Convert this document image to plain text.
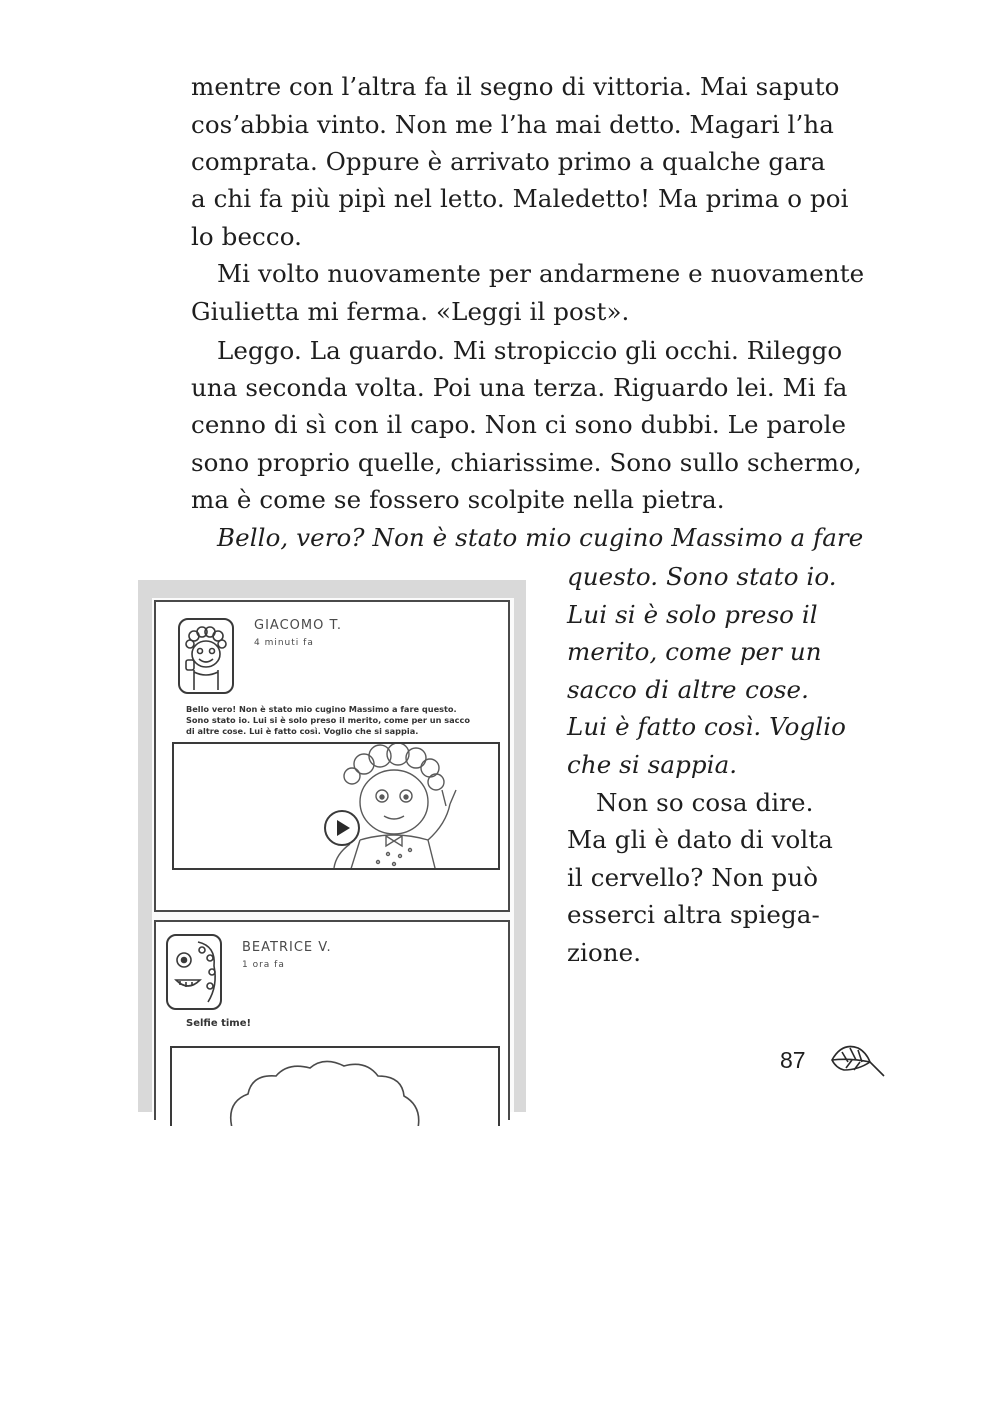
mentre con l’altra fa il segno di vittoria. Mai saputo
cos’abbia vinto. Non me l’ha mai detto. Magari l’ha
comprata. Oppure è arrivato primo a qualche gara
a chi fa più pipì nel letto. Maledetto! Ma prima o poi
lo becco.
Mi volto nuovamente per andarmene e nuovamente
Giulietta mi ferma. «Leggi il post».
Leggo. La guardo. Mi stropiccio gli occhi. Rileggo
una seconda volta. Poi una terza. Riguardo lei. Mi fa
cenno di sì con il capo. Non ci sono dubbi. Le parole
sono proprio quelle, chiarissime. Sono sullo schermo,
ma è come se fossero scolpite nella pietra.
Bello, vero? Non è stato mio cugino Massimo a fare
questo. Sono stato io.
Lui si è solo preso il
merito, come per un
sacco di altre cose.
Lui è fatto così. Voglio
che si sappia.
Non so cosa dire.
Ma gli è dato di volta
il cervello? Non può
esserci altra spiega-
zione.
GIACOMO T.
4 minuti fa
Bello vero! Non è stato mio cugino Massimo a fare questo.
Sono stato io. Lui si è solo preso il merito, come per un sacco
di altre cose. Lui è fatto così. Voglio che si sappia.
BEATRICE V.
1 ora fa
Selfie time!
87
